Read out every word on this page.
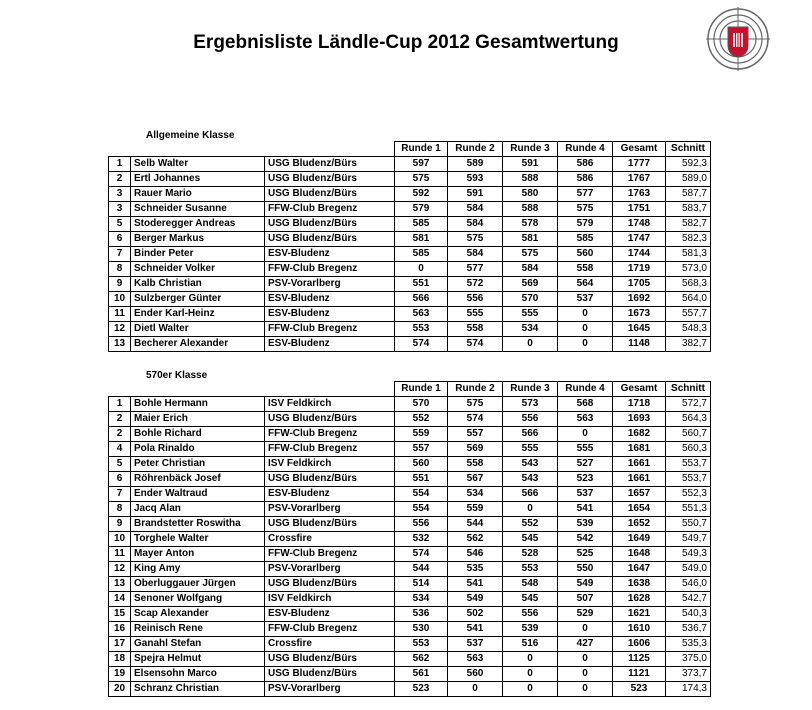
Ergebnisliste Ländle-Cup 2012 Gesamtwertung
Allgemeine Klasse
			Runde 1	Runde 2	Runde 3	Runde 4	Gesamt	Schnitt
1	Selb Walter	USG Bludenz/Bürs	597	589	591	586	1777	592,3
2	Ertl Johannes	USG Bludenz/Bürs	575	593	588	586	1767	589,0
3	Rauer Mario	USG Bludenz/Bürs	592	591	580	577	1763	587,7
3	Schneider Susanne	FFW-Club Bregenz	579	584	588	575	1751	583,7
5	Stoderegger Andreas	USG Bludenz/Bürs	585	584	578	579	1748	582,7
6	Berger Markus	USG Bludenz/Bürs	581	575	581	585	1747	582,3
7	Binder Peter	ESV-Bludenz	585	584	575	560	1744	581,3
8	Schneider Volker	FFW-Club Bregenz	0	577	584	558	1719	573,0
9	Kalb Christian	PSV-Vorarlberg	551	572	569	564	1705	568,3
10	Sulzberger Günter	ESV-Bludenz	566	556	570	537	1692	564,0
11	Ender Karl-Heinz	ESV-Bludenz	563	555	555	0	1673	557,7
12	Dietl Walter	FFW-Club Bregenz	553	558	534	0	1645	548,3
13	Becherer Alexander	ESV-Bludenz	574	574	0	0	1148	382,7
570er Klasse
			Runde 1	Runde 2	Runde 3	Runde 4	Gesamt	Schnitt
1	Bohle Hermann	ISV Feldkirch	570	575	573	568	1718	572,7
2	Maier Erich	USG Bludenz/Bürs	552	574	556	563	1693	564,3
2	Bohle Richard	FFW-Club Bregenz	559	557	566	0	1682	560,7
4	Pola Rinaldo	FFW-Club Bregenz	557	569	555	555	1681	560,3
5	Peter Christian	ISV Feldkirch	560	558	543	527	1661	553,7
6	Röhrenbäck Josef	USG Bludenz/Bürs	551	567	543	523	1661	553,7
7	Ender Waltraud	ESV-Bludenz	554	534	566	537	1657	552,3
8	Jacq Alan	PSV-Vorarlberg	554	559	0	541	1654	551,3
9	Brandstetter Roswitha	USG Bludenz/Bürs	556	544	552	539	1652	550,7
10	Torghele Walter	Crossfire	532	562	545	542	1649	549,7
11	Mayer Anton	FFW-Club Bregenz	574	546	528	525	1648	549,3
12	King Amy	PSV-Vorarlberg	544	535	553	550	1647	549,0
13	Oberluggauer Jürgen	USG Bludenz/Bürs	514	541	548	549	1638	546,0
14	Senoner Wolfgang	ISV Feldkirch	534	549	545	507	1628	542,7
15	Scap Alexander	ESV-Bludenz	536	502	556	529	1621	540,3
16	Reinisch Rene	FFW-Club Bregenz	530	541	539	0	1610	536,7
17	Ganahl Stefan	Crossfire	553	537	516	427	1606	535,3
18	Spejra Helmut	USG Bludenz/Bürs	562	563	0	0	1125	375,0
19	Elsensohn Marco	USG Bludenz/Bürs	561	560	0	0	1121	373,7
20	Schranz Christian	PSV-Vorarlberg	523	0	0	0	523	174,3
